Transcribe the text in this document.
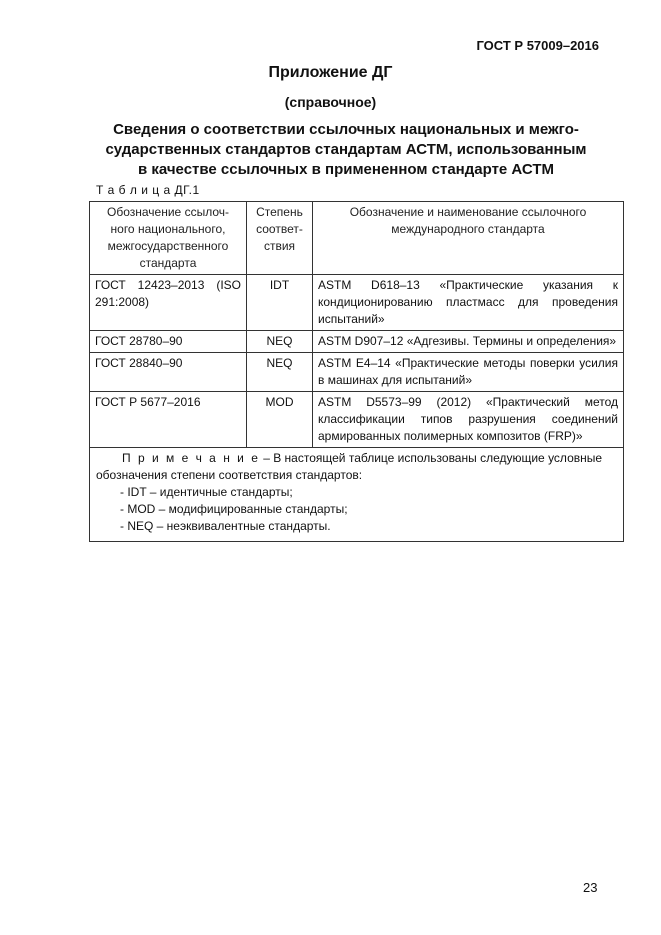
ГОСТ Р 57009–2016
Приложение ДГ
(справочное)
Сведения о соответствии ссылочных национальных и межго-
сударственных стандартов стандартам АСТМ, использованным
в качестве ссылочных в примененном стандарте АСТМ
Т а б л и ц а ДГ.1
Обозначение ссылоч-ного национального, межгосударственного стандарта	Степень соответ-ствия	Обозначение и наименование ссылочного международного стандарта
ГОСТ 12423–2013 (ISO 291:2008)	IDT	ASTM D618–13 «Практические указания к кондиционированию пластмасс для проведения испытаний»
ГОСТ 28780–90	NEQ	ASTM D907–12 «Адгезивы. Термины и определения»
ГОСТ 28840–90	NEQ	ASTM E4–14 «Практические методы поверки усилия в машинах для испытаний»
ГОСТ Р 5677–2016	MOD	ASTM D5573–99 (2012) «Практический метод классификации типов разрушения соединений армированных полимерных композитов (FRP)»

П р и м е ч а н и е – В настоящей таблице использованы следующие условные обозначения степени соответствия стандартов:
- IDT – идентичные стандарты;
- MOD – модифицированные стандарты;
- NEQ – неэквивалентные стандарты.		
23
